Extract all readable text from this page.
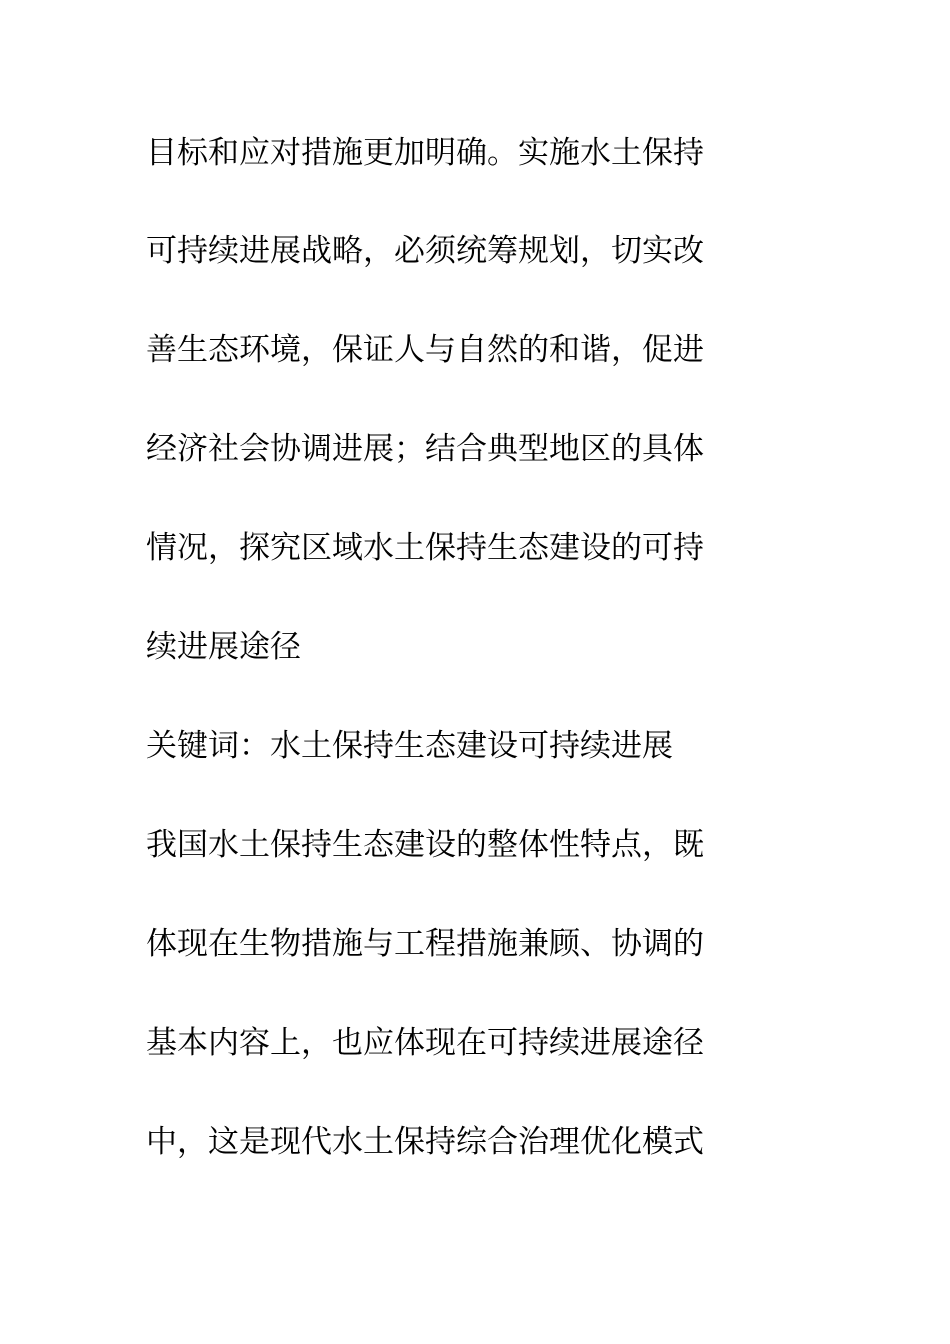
目标和应对措施更加明确。实施水土保持
可持续进展战略，必须统筹规划，切实改
善生态环境，保证人与自然的和谐，促进
经济社会协调进展；结合典型地区的具体
情况，探究区域水土保持生态建设的可持
续进展途径
关键词：水土保持生态建设可持续进展
我国水土保持生态建设的整体性特点，既
体现在生物措施与工程措施兼顾、协调的
基本内容上，也应体现在可持续进展途径
中，这是现代水土保持综合治理优化模式
